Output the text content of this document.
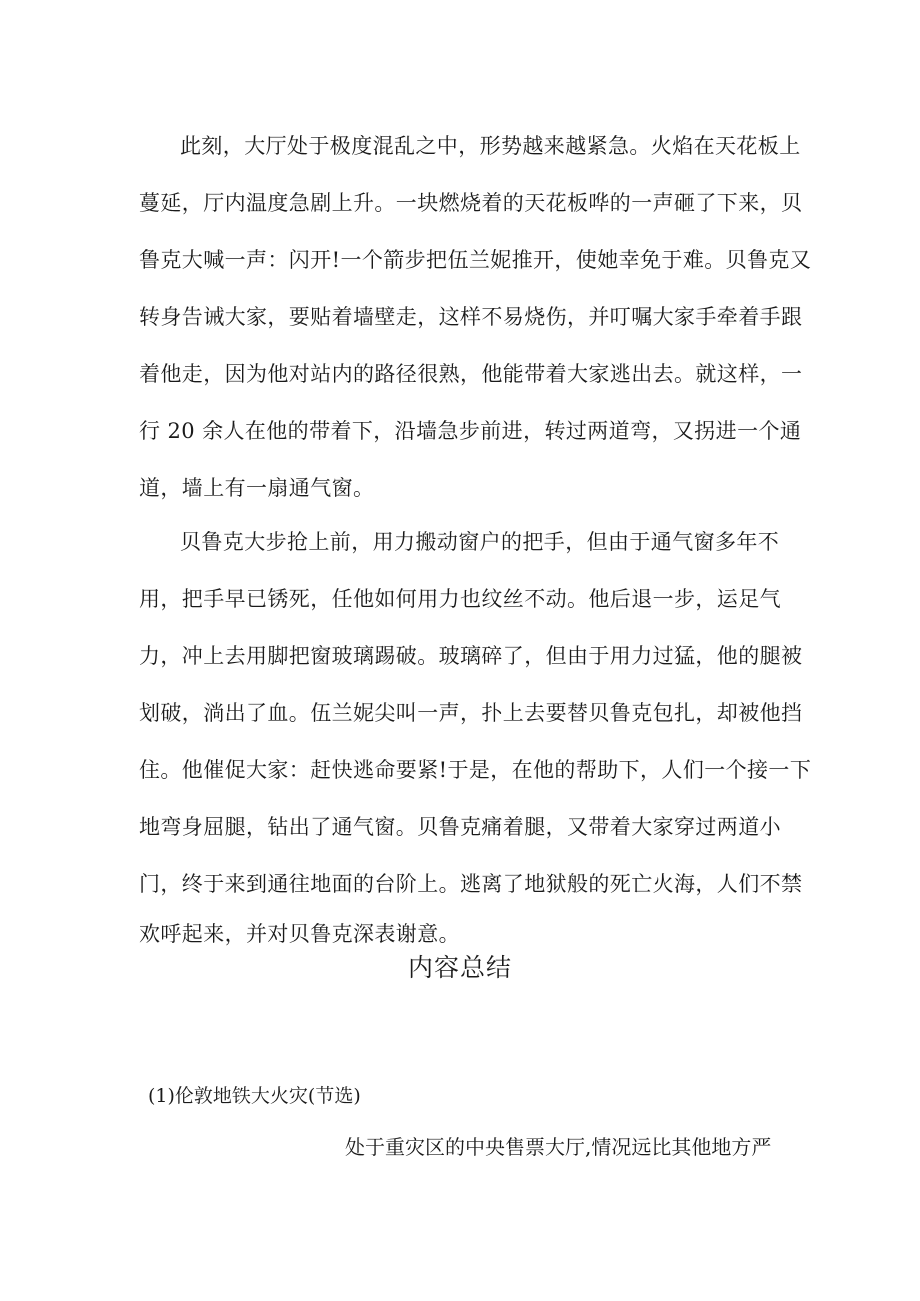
此刻，大厅处于极度混乱之中，形势越来越紧急。火焰在天花板上
蔓延，厅内温度急剧上升。一块燃烧着的天花板哗的一声砸了下来，贝
鲁克大喊一声：闪开!一个箭步把伍兰妮推开，使她幸免于难。贝鲁克又
转身告诫大家，要贴着墙壁走，这样不易烧伤，并叮嘱大家手牵着手跟
着他走，因为他对站内的路径很熟，他能带着大家逃出去。就这样，一
行 20 余人在他的带着下，沿墙急步前进，转过两道弯，又拐进一个通
道，墙上有一扇通气窗。
贝鲁克大步抢上前，用力搬动窗户的把手，但由于通气窗多年不
用，把手早已锈死，任他如何用力也纹丝不动。他后退一步，运足气
力，冲上去用脚把窗玻璃踢破。玻璃碎了，但由于用力过猛，他的腿被
划破，淌出了血。伍兰妮尖叫一声，扑上去要替贝鲁克包扎，却被他挡
住。他催促大家：赶快逃命要紧!于是，在他的帮助下，人们一个接一下
地弯身屈腿，钻出了通气窗。贝鲁克痛着腿，又带着大家穿过两道小
门，终于来到通往地面的台阶上。逃离了地狱般的死亡火海，人们不禁
欢呼起来，并对贝鲁克深表谢意。
内容总结
(1)伦敦地铁大火灾(节选)
处于重灾区的中央售票大厅,情况远比其他地方严
